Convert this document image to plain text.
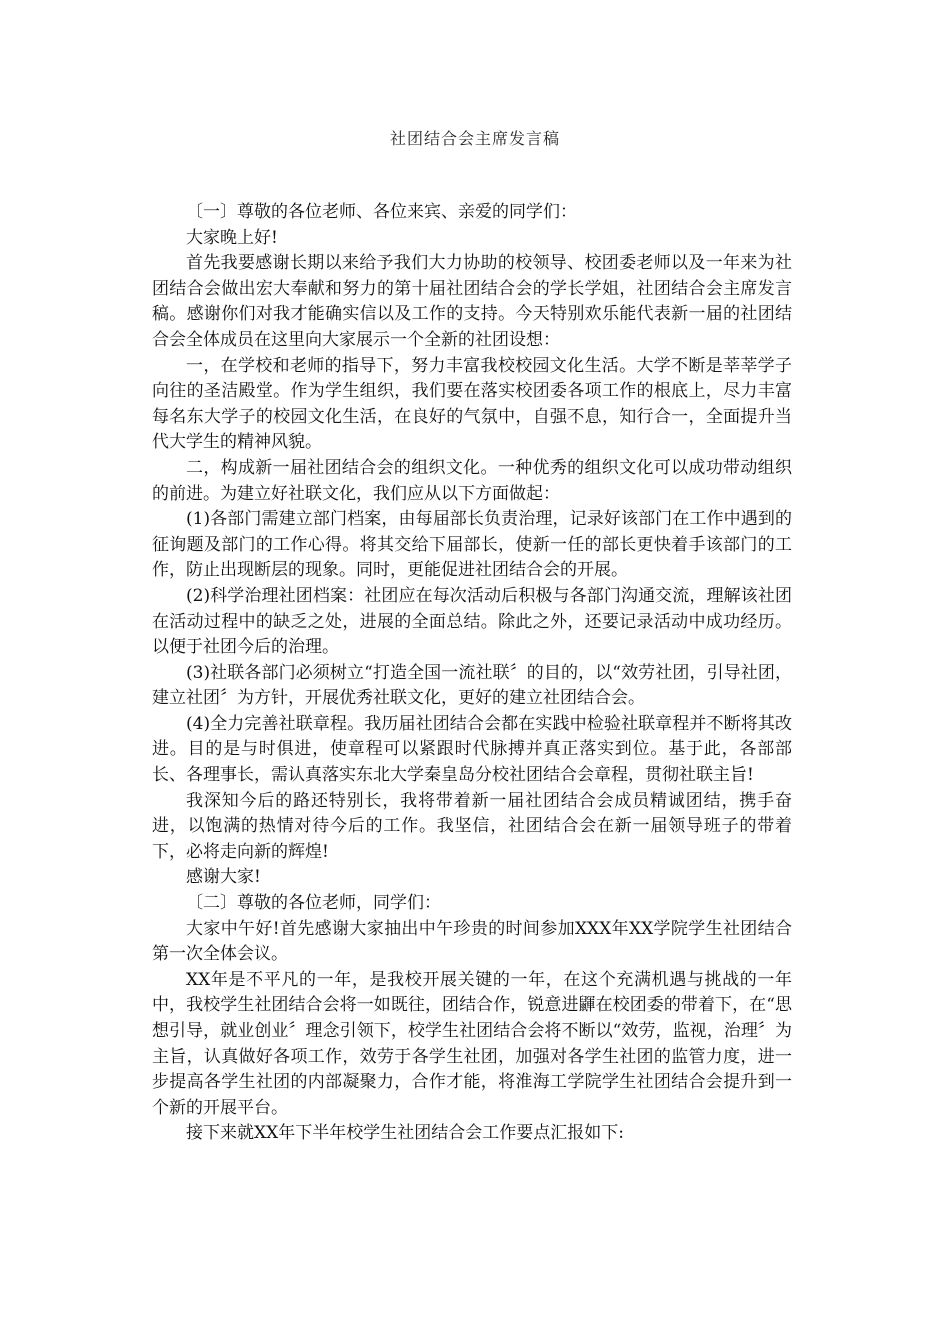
社团结合会主席发言稿

〔一〕尊敬的各位老师、各位来宾、亲爱的同学们：

大家晚上好!

首先我要感谢长期以来给予我们大力协助的校领导、校团委老师以及一年来为社团结合会做出宏大奉献和努力的第十届社团结合会的学长学姐，社团结合会主席发言稿。感谢你们对我才能确实信以及工作的支持。今天特别欢乐能代表新一届的社团结合会全体成员在这里向大家展示一个全新的社团设想：

一，在学校和老师的指导下，努力丰富我校校园文化生活。大学不断是莘莘学子向往的圣洁殿堂。作为学生组织，我们要在落实校团委各项工作的根底上，尽力丰富每名东大学子的校园文化生活，在良好的气氛中，自强不息，知行合一，全面提升当代大学生的精神风貌。

二，构成新一届社团结合会的组织文化。一种优秀的组织文化可以成功带动组织的前进。为建立好社联文化，我们应从以下方面做起：

(1)各部门需建立部门档案，由每届部长负责治理，记录好该部门在工作中遇到的征询题及部门的工作心得。将其交给下届部长，使新一任的部长更快着手该部门的工作，防止出现断层的现象。同时，更能促进社团结合会的开展。

(2)科学治理社团档案：社团应在每次活动后积极与各部门沟通交流，理解该社团在活动过程中的缺乏之处，进展的全面总结。除此之外，还要记录活动中成功经历。以便于社团今后的治理。

(3)社联各部门必须树立“打造全国一流社联〞的目的，以“效劳社团，引导社团，建立社团〞为方针，开展优秀社联文化，更好的建立社团结合会。

(4)全力完善社联章程。我历届社团结合会都在实践中检验社联章程并不断将其改进。目的是与时俱进，使章程可以紧跟时代脉搏并真正落实到位。基于此，各部部长、各理事长，需认真落实东北大学秦皇岛分校社团结合会章程，贯彻社联主旨!

我深知今后的路还特别长，我将带着新一届社团结合会成员精诚团结，携手奋进，以饱满的热情对待今后的工作。我坚信，社团结合会在新一届领导班子的带着下，必将走向新的辉煌!

感谢大家!

〔二〕尊敬的各位老师，同学们：

大家中午好!首先感谢大家抽出中午珍贵的时间参加XXX年XX学院学生社团结合第一次全体会议。

XX年是不平凡的一年，是我校开展关键的一年，在这个充满机遇与挑战的一年中，我校学生社团结合会将一如既往，团结合作，锐意进鼲在校团委的带着下，在“思想引导，就业创业〞理念引领下，校学生社团结合会将不断以“效劳，监视，治理〞为主旨，认真做好各项工作，效劳于各学生社团，加强对各学生社团的监管力度，进一步提高各学生社团的内部凝聚力，合作才能，将淮海工学院学生社团结合会提升到一个新的开展平台。

接下来就XX年下半年校学生社团结合会工作要点汇报如下:
